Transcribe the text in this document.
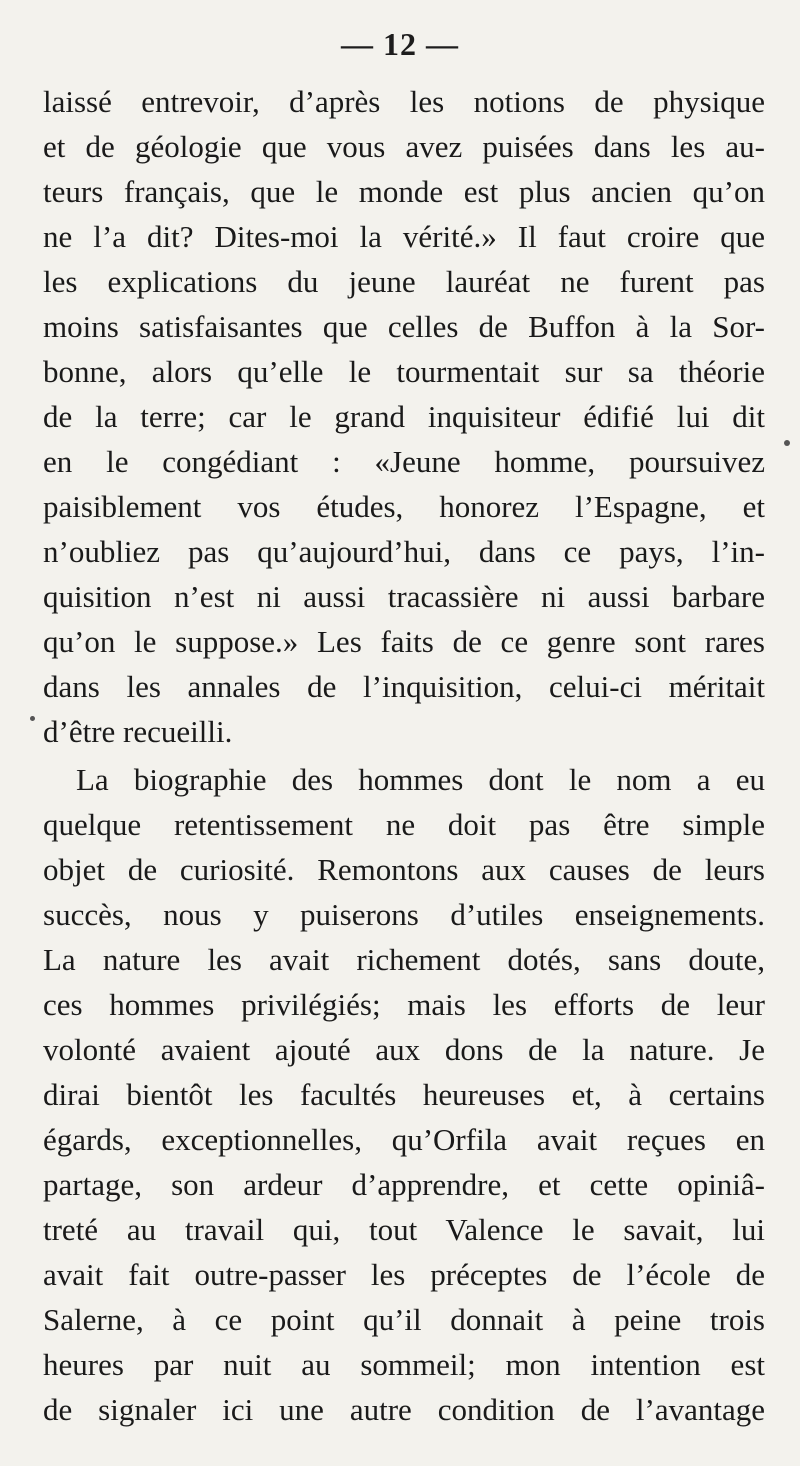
— 12 —
laissé entrevoir, d’après les notions de physique
et de géologie que vous avez puisées dans les au-
teurs français, que le monde est plus ancien qu’on
ne l’a dit? Dites-moi la vérité.» Il faut croire que
les explications du jeune lauréat ne furent pas
moins satisfaisantes que celles de Buffon à la Sor-
bonne, alors qu’elle le tourmentait sur sa théorie
de la terre; car le grand inquisiteur édifié lui dit
en le congédiant : «Jeune homme, poursuivez
paisiblement vos études, honorez l’Espagne, et
n’oubliez pas qu’aujourd’hui, dans ce pays, l’in-
quisition n’est ni aussi tracassière ni aussi barbare
qu’on le suppose.» Les faits de ce genre sont rares
dans les annales de l’inquisition, celui-ci méritait
d’être recueilli.
La biographie des hommes dont le nom a eu
quelque retentissement ne doit pas être simple
objet de curiosité. Remontons aux causes de leurs
succès, nous y puiserons d’utiles enseignements.
La nature les avait richement dotés, sans doute,
ces hommes privilégiés; mais les efforts de leur
volonté avaient ajouté aux dons de la nature. Je
dirai bientôt les facultés heureuses et, à certains
égards, exceptionnelles, qu’Orfila avait reçues en
partage, son ardeur d’apprendre, et cette opiniâ-
treté au travail qui, tout Valence le savait, lui
avait fait outre-passer les préceptes de l’école de
Salerne, à ce point qu’il donnait à peine trois
heures par nuit au sommeil; mon intention est
de signaler ici une autre condition de l’avantage
